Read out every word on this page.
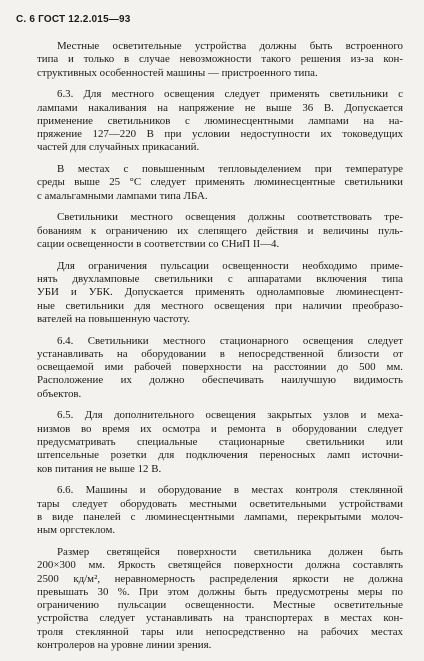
С. 6 ГОСТ 12.2.015—93
Местные осветительные устройства должны быть встроенного
типа и только в случае невозможности такого решения из-за кон-
структивных особенностей машины — пристроенного типа.
6.3. Для местного освещения следует применять светильники с
лампами накаливания на напряжение не выше 36 В. Допускается
применение светильников с люминесцентными лампами на на-
пряжение 127—220 В при условии недоступности их токоведущих
частей для случайных прикасаний.
В местах с повышенным тепловыделением при температуре
среды выше 25 °С следует применять люминесцентные светильники
с амальгамными лампами типа ЛБА.
Светильники местного освещения должны соответствовать тре-
бованиям к ограничению их слепящего действия и величины пуль-
сации освещенности в соответствии со СНиП II—4.
Для ограничения пульсации освещенности необходимо приме-
нять двухламповые светильники с аппаратами включения типа
УБИ и УБК. Допускается применять одноламповые люминесцент-
ные светильники для местного освещения при наличии преобразо-
вателей на повышенную частоту.
6.4. Светильники местного стационарного освещения следует
устанавливать на оборудовании в непосредственной близости от
освещаемой ими рабочей поверхности на расстоянии до 500 мм.
Расположение их должно обеспечивать наилучшую видимость
объектов.
6.5. Для дополнительного освещения закрытых узлов и меха-
низмов во время их осмотра и ремонта в оборудовании следует
предусматривать специальные стационарные светильники или
штепсельные розетки для подключения переносных ламп источни-
ков питания не выше 12 В.
6.6. Машины и оборудование в местах контроля стеклянной
тары следует оборудовать местными осветительными устройствами
в виде панелей с люминесцентными лампами, перекрытыми молоч-
ным оргстеклом.
Размер светящейся поверхности светильника должен быть
200×300 мм. Яркость светящейся поверхности должна составлять
2500 кд/м², неравномерность распределения яркости не должна
превышать 30 %. При этом должны быть предусмотрены меры по
ограничению пульсации освещенности. Местные осветительные
устройства следует устанавливать на транспортерах в местах кон-
троля стеклянной тары или непосредственно на рабочих местах
контролеров на уровне линии зрения.
